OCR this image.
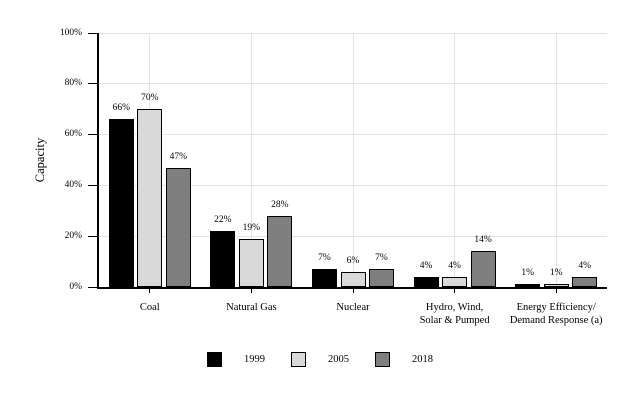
Capacity
66%
70%
47%
22%
19%
28%
7%	6%	7%
4%	4%
14%
1%	1%
4%
0%
20%
40%
60%
80%
100%
Coal	Natural Gas	Nuclear	Hydro, Wind,
Solar & Pumped
Energy Efficiency/
Demand Response (a)
1999	2005	2018
